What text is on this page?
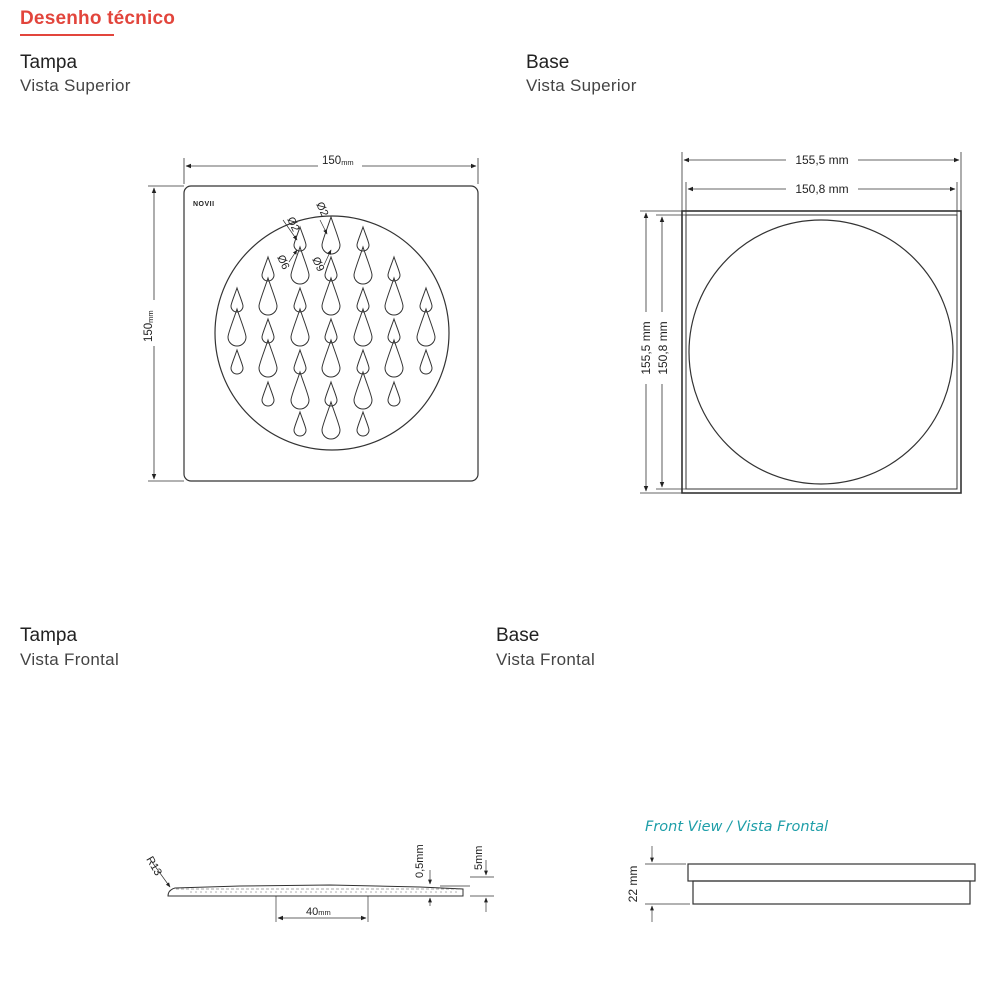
Desenho técnico
Tampa
Vista Superior
Base
Vista Superior
Tampa
Vista Frontal
Base
Vista Frontal
150mm
150mm
NOVII
Ø2
Ø2
Ø6 Ø9
155,5 mm
150,8 mm
155,5 mm 150,8 mm
R13
40mm
0,5mm	5mm
Front View / Vista Frontal
22 mm
